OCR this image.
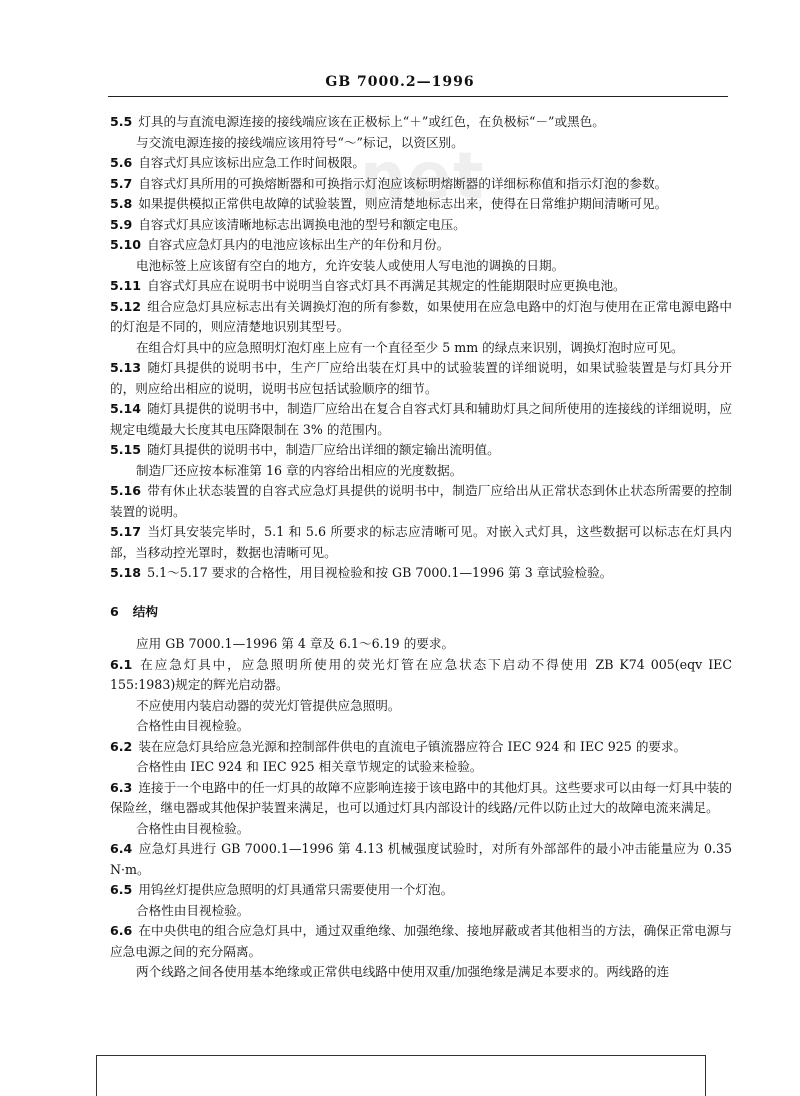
GB 7000.2—1996
net

5.5 灯具的与直流电源连接的接线端应该在正极标上“＋”或红色，在负极标“－”或黑色。

与交流电源连接的接线端应该用符号“～”标记，以资区别。

5.6 自容式灯具应该标出应急工作时间极限。

5.7 自容式灯具所用的可换熔断器和可换指示灯泡应该标明熔断器的详细标称值和指示灯泡的参数。

5.8 如果提供模拟正常供电故障的试验装置，则应清楚地标志出来，使得在日常维护期间清晰可见。

5.9 自容式灯具应该清晰地标志出调换电池的型号和额定电压。

5.10 自容式应急灯具内的电池应该标出生产的年份和月份。

电池标签上应该留有空白的地方，允许安装人或使用人写电池的调换的日期。

5.11 自容式灯具应在说明书中说明当自容式灯具不再满足其规定的性能期限时应更换电池。

5.12 组合应急灯具应标志出有关调换灯泡的所有参数，如果使用在应急电路中的灯泡与使用在正常电源电路中的灯泡是不同的，则应清楚地识别其型号。

在组合灯具中的应急照明灯泡灯座上应有一个直径至少 5 mm 的绿点来识别，调换灯泡时应可见。

5.13 随灯具提供的说明书中，生产厂应给出装在灯具中的试验装置的详细说明，如果试验装置是与灯具分开的，则应给出相应的说明，说明书应包括试验顺序的细节。

5.14 随灯具提供的说明书中，制造厂应给出在复合自容式灯具和辅助灯具之间所使用的连接线的详细说明，应规定电缆最大长度其电压降限制在 3% 的范围内。

5.15 随灯具提供的说明书中，制造厂应给出详细的额定输出流明值。

制造厂还应按本标准第 16 章的内容给出相应的光度数据。

5.16 带有休止状态装置的自容式应急灯具提供的说明书中，制造厂应给出从正常状态到休止状态所需要的控制装置的说明。

5.17 当灯具安装完毕时，5.1 和 5.6 所要求的标志应清晰可见。对嵌入式灯具，这些数据可以标志在灯具内部，当移动控光罩时，数据也清晰可见。

5.18 5.1～5.17 要求的合格性，用目视检验和按 GB 7000.1—1996 第 3 章试验检验。

6 结构

应用 GB 7000.1—1996 第 4 章及 6.1～6.19 的要求。

6.1 在应急灯具中，应急照明所使用的荧光灯管在应急状态下启动不得使用 ZB K74 005(eqv IEC 155:1983)规定的辉光启动器。

不应使用内装启动器的荧光灯管提供应急照明。

合格性由目视检验。

6.2 装在应急灯具给应急光源和控制部件供电的直流电子镇流器应符合 IEC 924 和 IEC 925 的要求。

合格性由 IEC 924 和 IEC 925 相关章节规定的试验来检验。

6.3 连接于一个电路中的任一灯具的故障不应影响连接于该电路中的其他灯具。这些要求可以由每一灯具中装的保险丝，继电器或其他保护装置来满足，也可以通过灯具内部设计的线路/元件以防止过大的故障电流来满足。

合格性由目视检验。

6.4 应急灯具进行 GB 7000.1—1996 第 4.13 机械强度试验时，对所有外部部件的最小冲击能量应为 0.35 N·m。

6.5 用钨丝灯提供应急照明的灯具通常只需要使用一个灯泡。

合格性由目视检验。

6.6 在中央供电的组合应急灯具中，通过双重绝缘、加强绝缘、接地屏蔽或者其他相当的方法，确保正常电源与应急电源之间的充分隔离。

两个线路之间各使用基本绝缘或正常供电线路中使用双重/加强绝缘是满足本要求的。两线路的连
